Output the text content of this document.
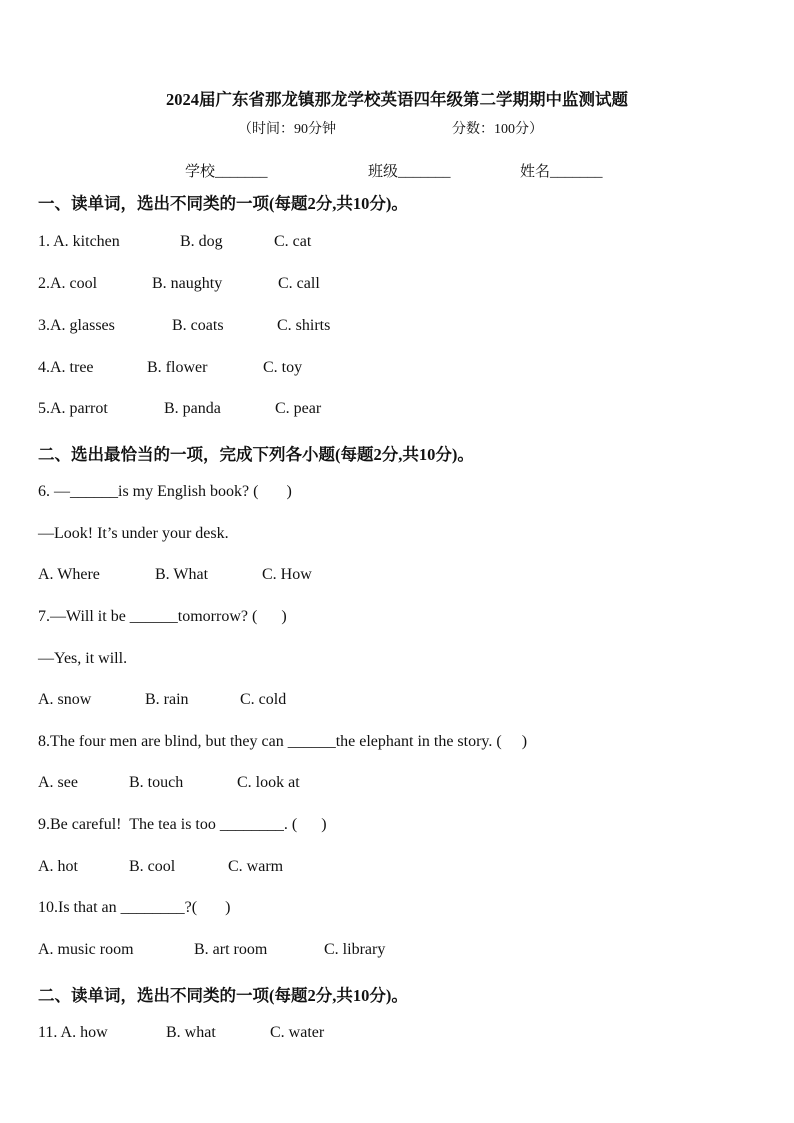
2024届广东省那龙镇那龙学校英语四年级第二学期期中监测试题
（时间：90分钟	分数：100分）
学校_______	班级_______	姓名_______
一、读单词，选出不同类的一项(每题2分,共10分)。
1. A. kitchen	B. dog	C. cat
2.A. cool	B. naughty	C. call
3.A. glasses	B. coats	C. shirts
4.A. tree	B. flower	C. toy
5.A. parrot	B. panda	C. pear
二、选出最恰当的一项，完成下列各小题(每题2分,共10分)。
6. —______is my English book? (       )
—Look! It’s under your desk.
A. Where	B. What	C. How
7.—Will it be ______tomorrow? (      )
—Yes, it will.
A. snow	B. rain	C. cold
8.The four men are blind, but they can ______the elephant in the story. (     )
A. see	B. touch	C. look at
9.Be careful!  The tea is too ________. (      )
A. hot	B. cool	C. warm
10.Is that an ________?(       )
A. music room	B. art room	C. library
二、读单词，选出不同类的一项(每题2分,共10分)。
11. A. how	B. what	C. water
